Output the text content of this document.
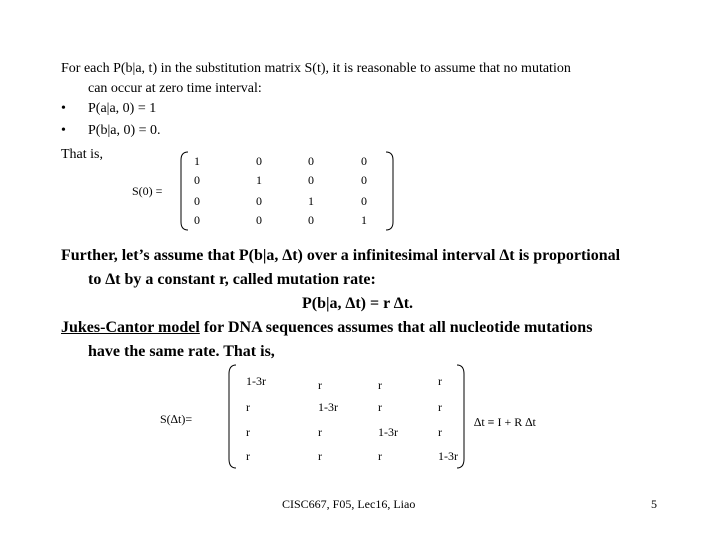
For each P(b|a, t) in the substitution matrix S(t), it is reasonable to assume that no mutation
can occur at zero time interval:
• P(a|a, 0) = 1
• P(b|a, 0) = 0.
That is,
S(0) =
1	0	0	0
0	1	0	0
0	0	1	0
0	0	0	1
Further, let’s assume that P(b|a, ∆t) over a infinitesimal interval ∆t is proportional
to ∆t by a constant r, called mutation rate:
P(b|a, ∆t) = r ∆t.
Jukes-Cantor model for DNA sequences assumes that all nucleotide mutations
have the same rate. That is,
S(∆t)=
1-3r	r	r	r
r	1-3r	r	r
r	r	1-3r	r
r	r	r	1-3r
∆t ≡ I + R ∆t
CISC667, F05, Lec16, Liao	5
